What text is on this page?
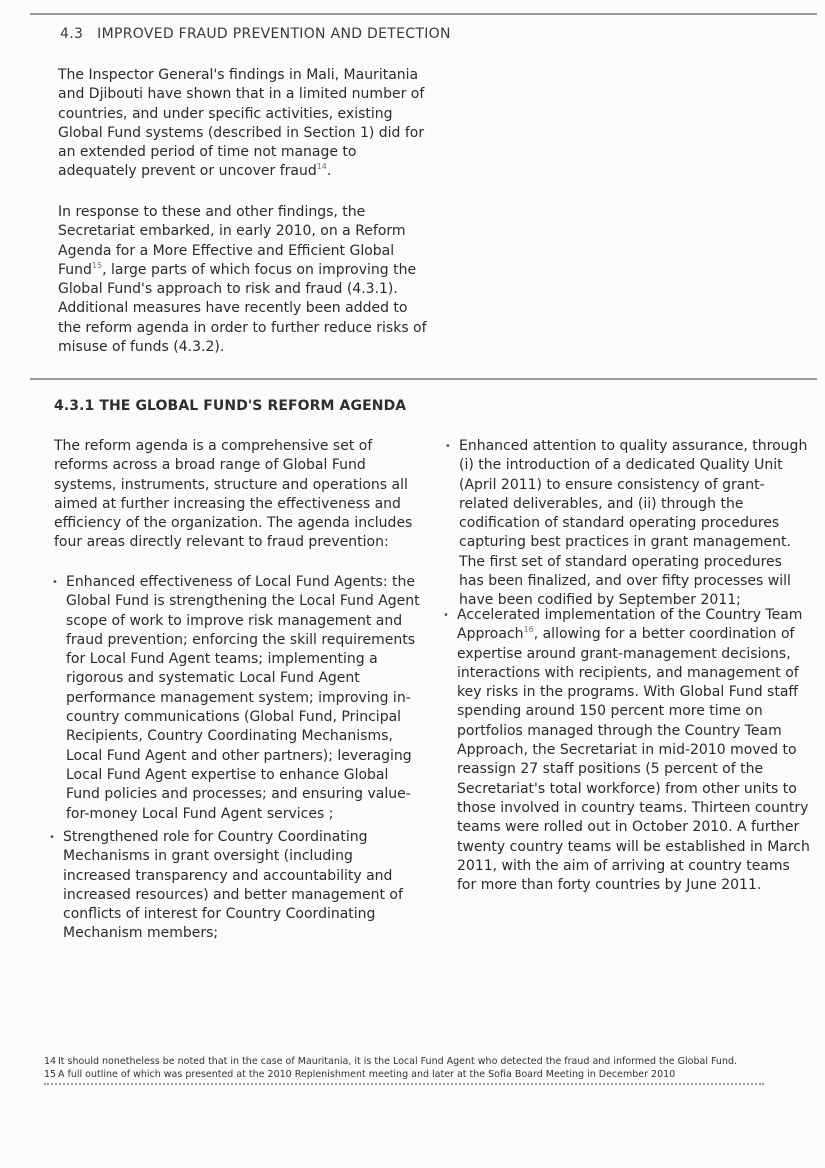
4.3 IMPROVED FRAUD PREVENTION AND DETECTION

The Inspector General's findings in Mali, Mauritania and Djibouti have shown that in a limited number of countries, and under specific activities, existing Global Fund systems (described in Section 1) did for an extended period of time not manage to adequately prevent or uncover fraud$^{14}$.

In response to these and other findings, the Secretariat embarked, in early 2010, on a Reform Agenda for a More Effective and Efficient Global Fund$^{15}$, large parts of which focus on improving the Global Fund's approach to risk and fraud (4.3.1). Additional measures have recently been added to the reform agenda in order to further reduce risks of misuse of funds (4.3.2).

4.3.1 THE GLOBAL FUND'S REFORM AGENDA

The reform agenda is a comprehensive set of reforms across a broad range of Global Fund systems, instruments, structure and operations all aimed at further increasing the effectiveness and efficiency of the organization. The agenda includes four areas directly relevant to fraud prevention:

• Enhanced effectiveness of Local Fund Agents: the Global Fund is strengthening the Local Fund Agent scope of work to improve risk management and fraud prevention; enforcing the skill requirements for Local Fund Agent teams; implementing a rigorous and systematic Local Fund Agent performance management system; improving in-country communications (Global Fund, Principal Recipients, Country Coordinating Mechanisms, Local Fund Agent and other partners); leveraging Local Fund Agent expertise to enhance Global Fund policies and processes; and ensuring value-for-money Local Fund Agent services ;
• Strengthened role for Country Coordinating Mechanisms in grant oversight (including increased transparency and accountability and increased resources) and better management of conflicts of interest for Country Coordinating Mechanism members;
• Enhanced attention to quality assurance, through (i) the introduction of a dedicated Quality Unit (April 2011) to ensure consistency of grant-related deliverables, and (ii) through the codification of standard operating procedures capturing best practices in grant management. The first set of standard operating procedures has been finalized, and over fifty processes will have been codified by September 2011;
• Accelerated implementation of the Country Team Approach$^{16}$, allowing for a better coordination of expertise around grant-management decisions, interactions with recipients, and management of key risks in the programs. With Global Fund staff spending around 150 percent more time on portfolios managed through the Country Team Approach, the Secretariat in mid-2010 moved to reassign 27 staff positions (5 percent of the Secretariat's total workforce) from other units to those involved in country teams. Thirteen country teams were rolled out in October 2010. A further twenty country teams will be established in March 2011, with the aim of arriving at country teams for more than forty countries by June 2011.
14 It should nonetheless be noted that in the case of Mauritania, it is the Local Fund Agent who detected the fraud and informed the Global Fund.
15 A full outline of which was presented at the 2010 Replenishment meeting and later at the Sofia Board Meeting in December 2010
